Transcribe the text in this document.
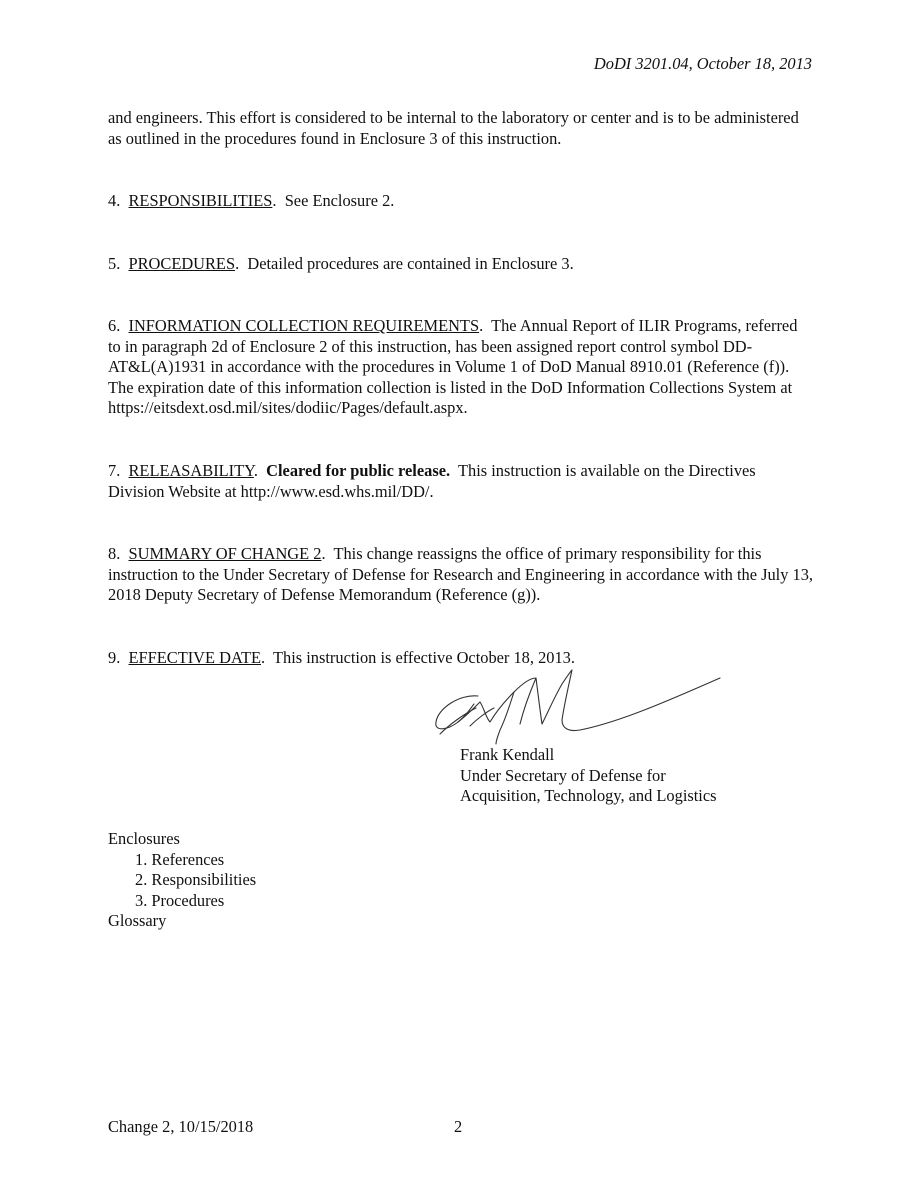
DoDI 3201.04, October 18, 2013
and engineers. This effort is considered to be internal to the laboratory or center and is to be administered as outlined in the procedures found in Enclosure 3 of this instruction.
4. RESPONSIBILITIES.  See Enclosure 2.
5. PROCEDURES.  Detailed procedures are contained in Enclosure 3.
6. INFORMATION COLLECTION REQUIREMENTS.  The Annual Report of ILIR Programs, referred to in paragraph 2d of Enclosure 2 of this instruction, has been assigned report control symbol DD-AT&L(A)1931 in accordance with the procedures in Volume 1 of DoD Manual 8910.01 (Reference (f)). The expiration date of this information collection is listed in the DoD Information Collections System at https://eitsdext.osd.mil/sites/dodiic/Pages/default.aspx.
7. RELEASABILITY.  Cleared for public release. This instruction is available on the Directives Division Website at http://www.esd.whs.mil/DD/.
8. SUMMARY OF CHANGE 2.  This change reassigns the office of primary responsibility for this instruction to the Under Secretary of Defense for Research and Engineering in accordance with the July 13, 2018 Deputy Secretary of Defense Memorandum (Reference (g)).
9. EFFECTIVE DATE.  This instruction is effective October 18, 2013.
Frank Kendall
Under Secretary of Defense for
Acquisition, Technology, and Logistics
Enclosures
1. References
2. Responsibilities
3. Procedures
Glossary
Change 2, 10/15/2018	2
